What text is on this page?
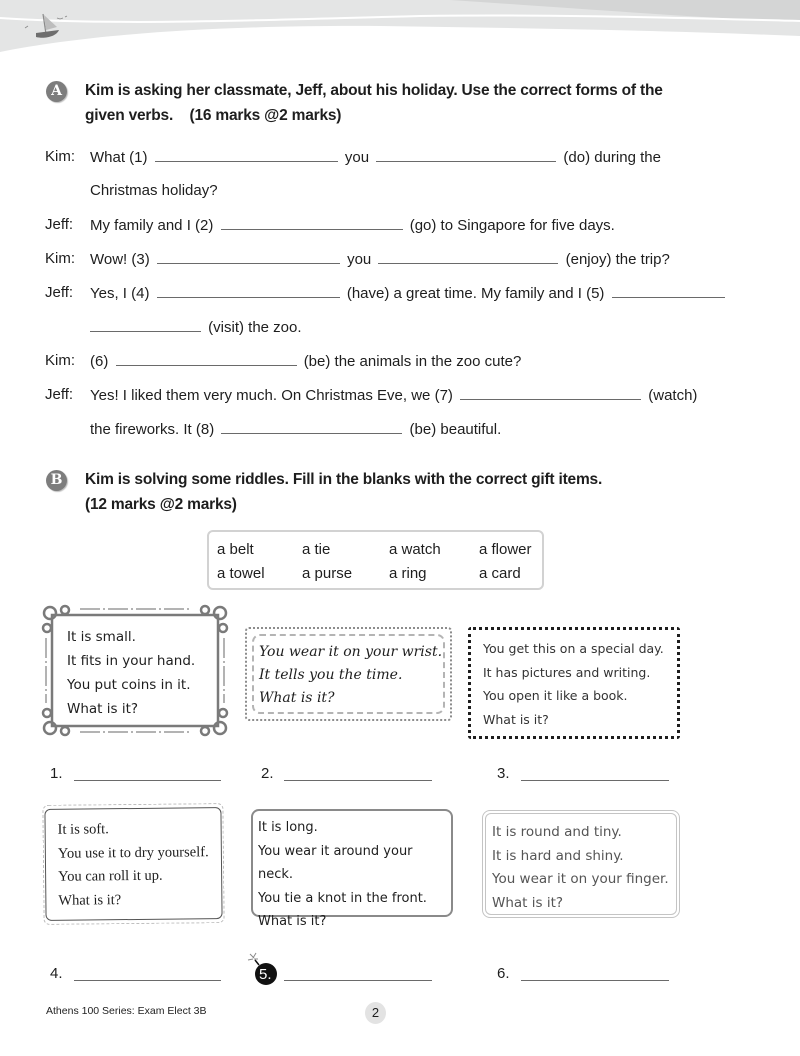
A	Kim is asking her classmate, Jeff, about his holiday. Use the correct forms of the
given verbs.    (16 marks @2 marks)
Kim: What (1)	you	(do) during the
Christmas holiday?
Jeff: My family and I (2)	(go) to Singapore for five days.
Kim: Wow! (3)	you	(enjoy) the trip?
Jeff: Yes, I (4)	(have) a great time. My family and I (5)
(visit) the zoo.
Kim: (6)	(be) the animals in the zoo cute?
Jeff: Yes! I liked them very much. On Christmas Eve, we (7)	(watch)
the fireworks. It (8)	(be) beautiful.
B Kim is solving some riddles. Fill in the blanks with the correct gift items.
(12 marks @2 marks)
a belt	a tie	a watch	a flower
a towel a purse a ring	a card
It is small.
It fits in your hand.
You put coins in it.
What is it?
You wear it on your wrist.
It tells you the time.
What is it?
You get this on a special day.
It has pictures and writing.
You open it like a book.
What is it?
1.	2.	3.
It is soft.
You use it to dry yourself.
You can roll it up.
What is it?
It is long.
You wear it around your neck.
You tie a knot in the front.
What is it?
It is round and tiny.
It is hard and shiny.
You wear it on your finger.
What is it?
4.	5.	6.
Athens 100 Series: Exam Elect 3B	2
